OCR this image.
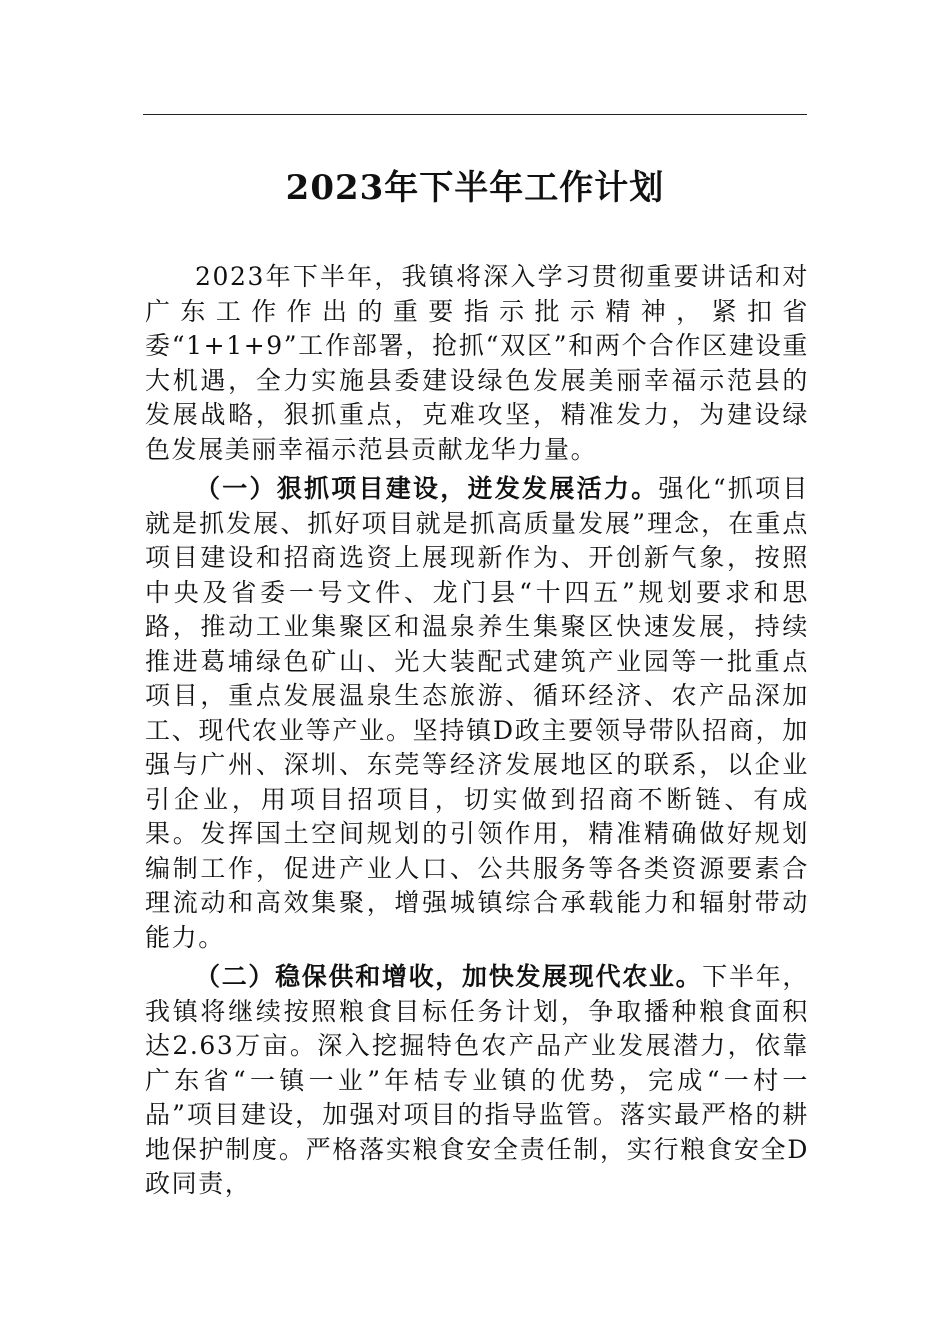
2023年下半年工作计划

2023年下半年，我镇将深入学习贯彻重要讲话和对广东工作作出的重要指示批示精神，紧扣省委“1+1+9”工作部署，抢抓“双区”和两个合作区建设重大机遇，全力实施县委建设绿色发展美丽幸福示范县的发展战略，狠抓重点，克难攻坚，精准发力，为建设绿色发展美丽幸福示范县贡献龙华力量。

（一）狠抓项目建设，迸发发展活力。强化“抓项目就是抓发展、抓好项目就是抓高质量发展”理念，在重点项目建设和招商选资上展现新作为、开创新气象，按照中央及省委一号文件、龙门县“十四五”规划要求和思路，推动工业集聚区和温泉养生集聚区快速发展，持续推进葛埔绿色矿山、光大装配式建筑产业园等一批重点项目，重点发展温泉生态旅游、循环经济、农产品深加工、现代农业等产业。坚持镇D政主要领导带队招商，加强与广州、深圳、东莞等经济发展地区的联系，以企业引企业，用项目招项目，切实做到招商不断链、有成果。发挥国土空间规划的引领作用，精准精确做好规划编制工作，促进产业人口、公共服务等各类资源要素合理流动和高效集聚，增强城镇综合承载能力和辐射带动能力。

（二）稳保供和增收，加快发展现代农业。下半年，我镇将继续按照粮食目标任务计划，争取播种粮食面积达2.63万亩。深入挖掘特色农产品产业发展潜力，依靠广东省“一镇一业”年桔专业镇的优势，完成“一村一品”项目建设，加强对项目的指导监管。落实最严格的耕地保护制度。严格落实粮食安全责任制，实行粮食安全D政同责，
